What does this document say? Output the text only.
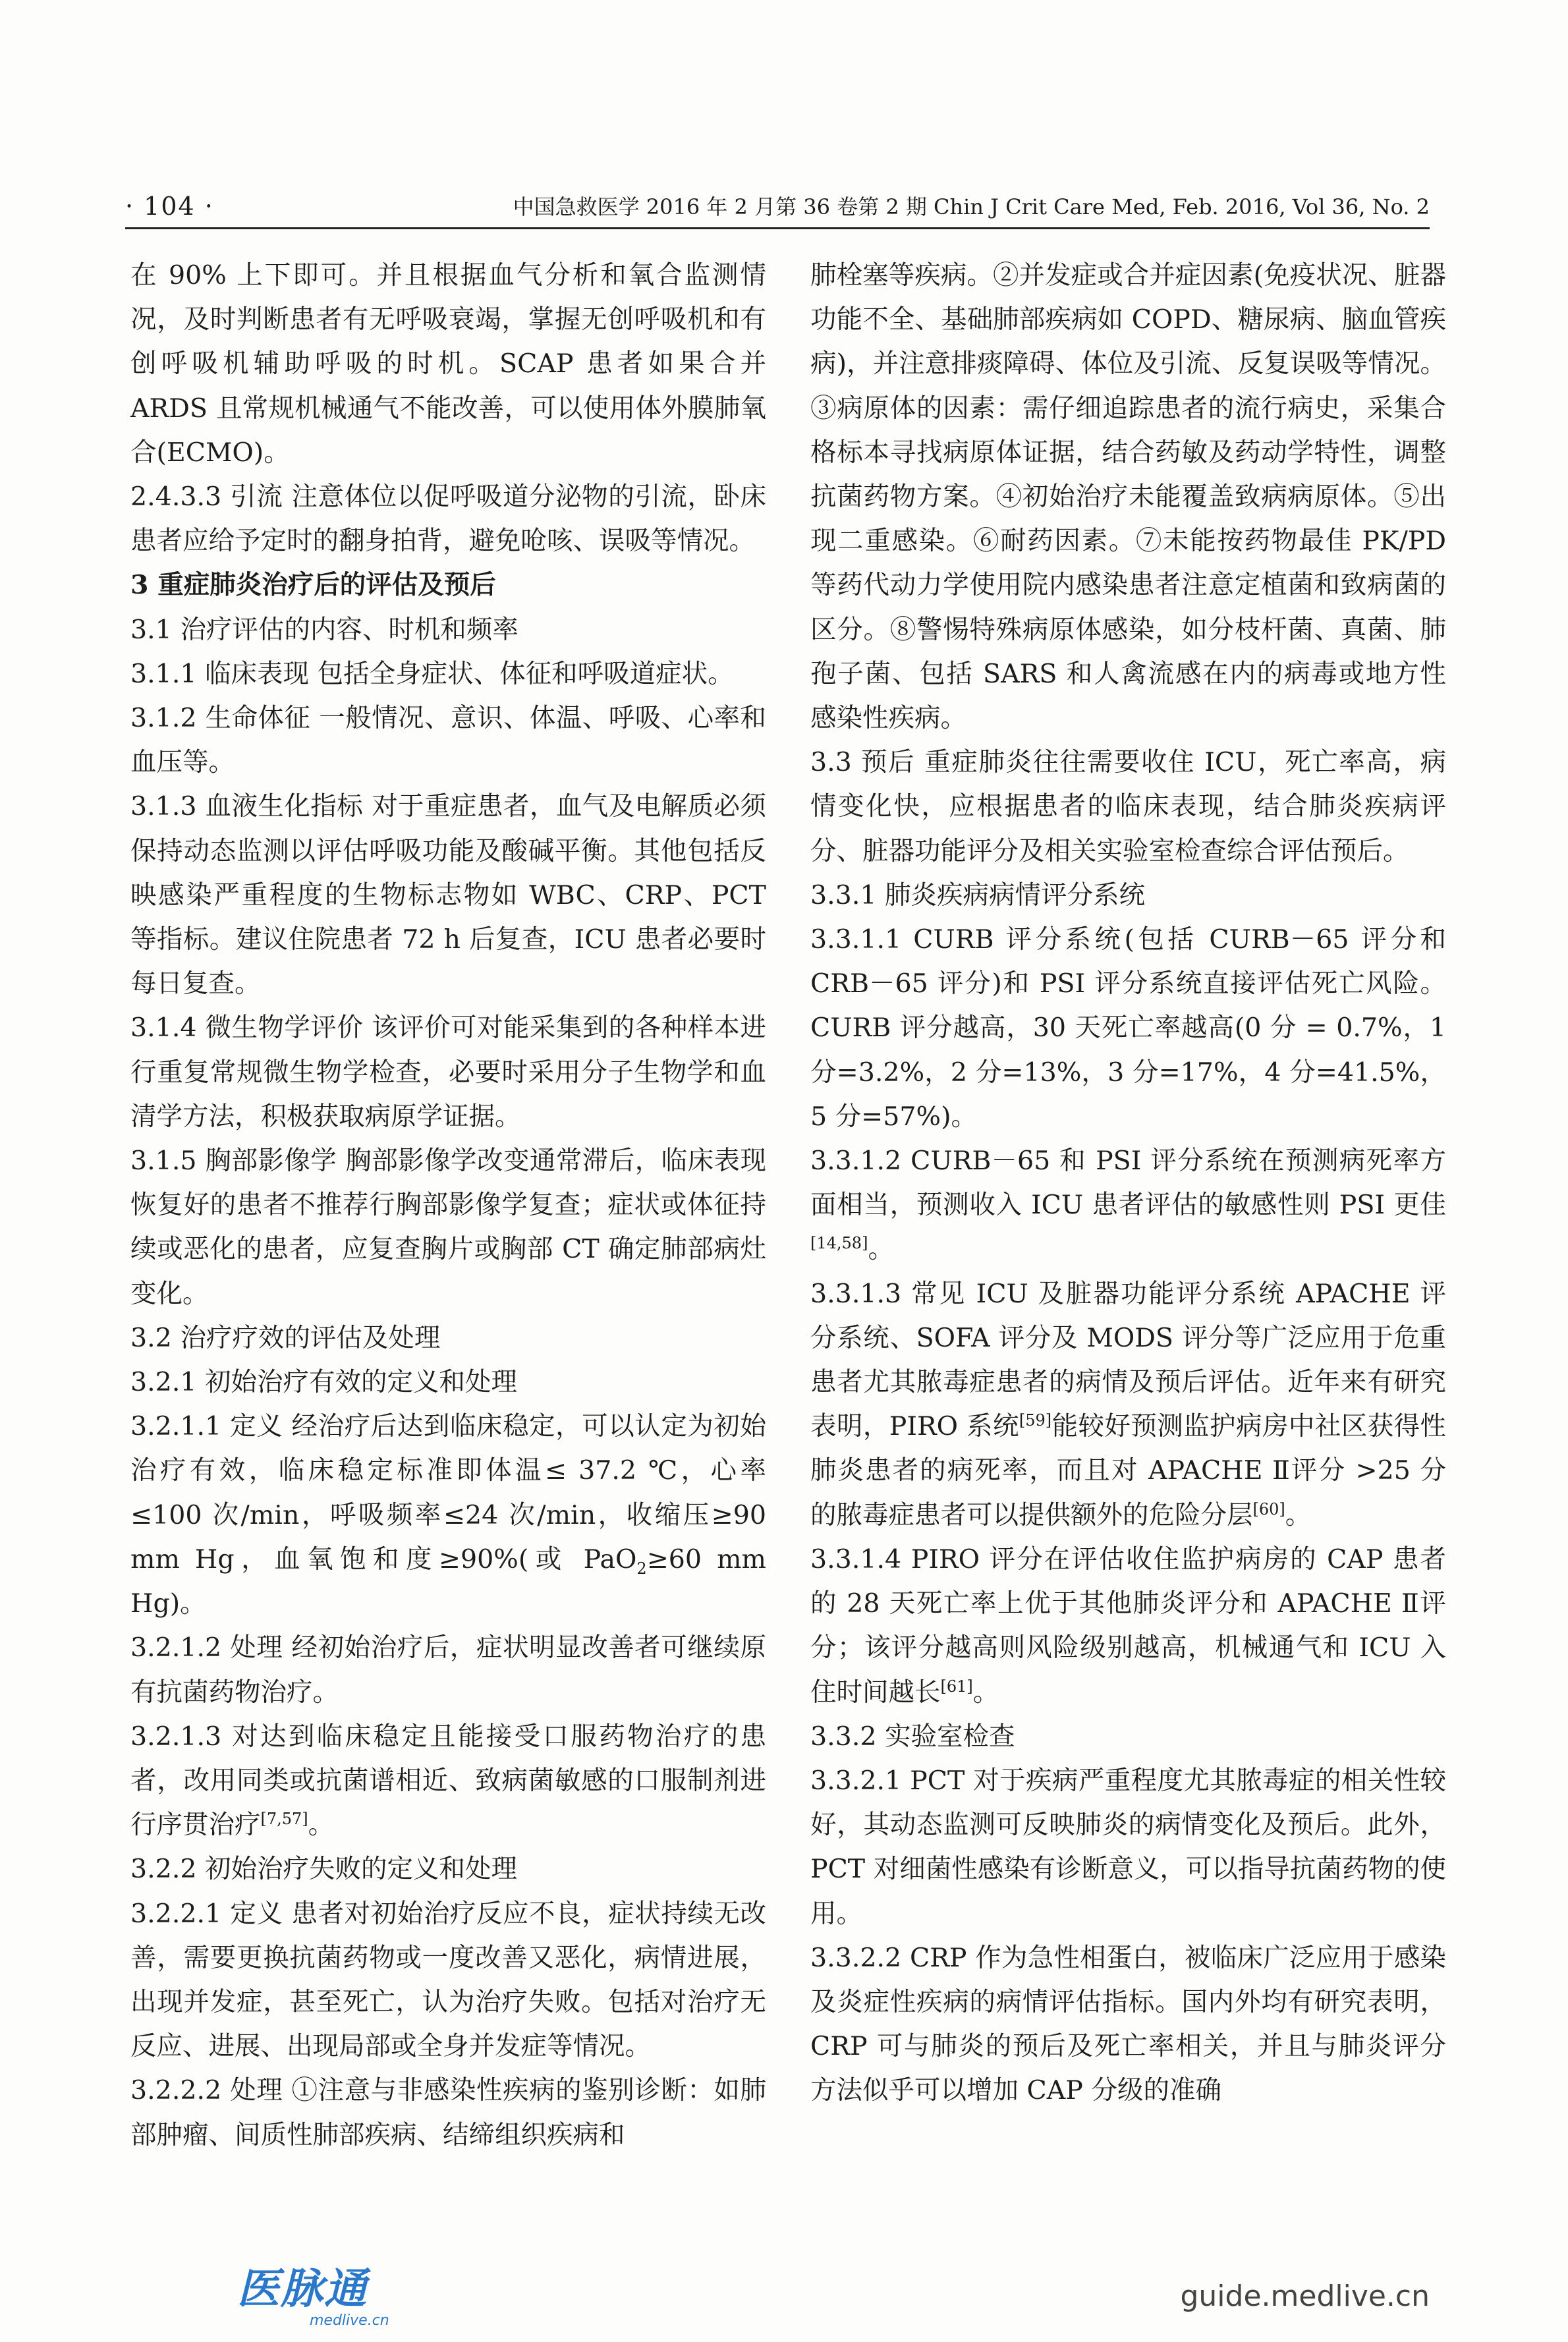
· 104 ·	中国急救医学 2016 年 2 月第 36 卷第 2 期 Chin J Crit Care Med, Feb. 2016, Vol 36, No. 2

在 90% 上下即可。并且根据血气分析和氧合监测情况，及时判断患者有无呼吸衰竭，掌握无创呼吸机和有创呼吸机辅助呼吸的时机。SCAP 患者如果合并 ARDS 且常规机械通气不能改善，可以使用体外膜肺氧合(ECMO)。

2.4.3.3 引流 注意体位以促呼吸道分泌物的引流，卧床患者应给予定时的翻身拍背，避免呛咳、误吸等情况。

3 重症肺炎治疗后的评估及预后

3.1 治疗评估的内容、时机和频率

3.1.1 临床表现 包括全身症状、体征和呼吸道症状。

3.1.2 生命体征 一般情况、意识、体温、呼吸、心率和血压等。

3.1.3 血液生化指标 对于重症患者，血气及电解质必须保持动态监测以评估呼吸功能及酸碱平衡。其他包括反映感染严重程度的生物标志物如 WBC、CRP、PCT 等指标。建议住院患者 72 h 后复查，ICU 患者必要时每日复查。

3.1.4 微生物学评价 该评价可对能采集到的各种样本进行重复常规微生物学检查，必要时采用分子生物学和血清学方法，积极获取病原学证据。

3.1.5 胸部影像学 胸部影像学改变通常滞后，临床表现恢复好的患者不推荐行胸部影像学复查；症状或体征持续或恶化的患者，应复查胸片或胸部 CT 确定肺部病灶变化。

3.2 治疗疗效的评估及处理

3.2.1 初始治疗有效的定义和处理

3.2.1.1 定义 经治疗后达到临床稳定，可以认定为初始治疗有效，临床稳定标准即体温≤ 37.2 ℃，心率≤100 次/min，呼吸频率≤24 次/min，收缩压≥90 mm Hg，血氧饱和度≥90%(或 PaO$_2$≥60 mm Hg)。

3.2.1.2 处理 经初始治疗后，症状明显改善者可继续原有抗菌药物治疗。

3.2.1.3 对达到临床稳定且能接受口服药物治疗的患者，改用同类或抗菌谱相近、致病菌敏感的口服制剂进行序贯治疗[7,57]。

3.2.2 初始治疗失败的定义和处理

3.2.2.1 定义 患者对初始治疗反应不良，症状持续无改善，需要更换抗菌药物或一度改善又恶化，病情进展，出现并发症，甚至死亡，认为治疗失败。包括对治疗无反应、进展、出现局部或全身并发症等情况。

3.2.2.2 处理 ①注意与非感染性疾病的鉴别诊断：如肺部肿瘤、间质性肺部疾病、结缔组织疾病和

肺栓塞等疾病。②并发症或合并症因素(免疫状况、脏器功能不全、基础肺部疾病如 COPD、糖尿病、脑血管疾病)，并注意排痰障碍、体位及引流、反复误吸等情况。③病原体的因素：需仔细追踪患者的流行病史，采集合格标本寻找病原体证据，结合药敏及药动学特性，调整抗菌药物方案。④初始治疗未能覆盖致病病原体。⑤出现二重感染。⑥耐药因素。⑦未能按药物最佳 PK/PD 等药代动力学使用院内感染患者注意定植菌和致病菌的区分。⑧警惕特殊病原体感染，如分枝杆菌、真菌、肺孢子菌、包括 SARS 和人禽流感在内的病毒或地方性感染性疾病。

3.3 预后 重症肺炎往往需要收住 ICU，死亡率高，病情变化快，应根据患者的临床表现，结合肺炎疾病评分、脏器功能评分及相关实验室检查综合评估预后。

3.3.1 肺炎疾病病情评分系统

3.3.1.1 CURB 评分系统(包括 CURB－65 评分和 CRB－65 评分)和 PSI 评分系统直接评估死亡风险。CURB 评分越高，30 天死亡率越高(0 分 = 0.7%，1 分=3.2%，2 分=13%，3 分=17%，4 分=41.5%，5 分=57%)。

3.3.1.2 CURB－65 和 PSI 评分系统在预测病死率方面相当，预测收入 ICU 患者评估的敏感性则 PSI 更佳[14,58]。

3.3.1.3 常见 ICU 及脏器功能评分系统 APACHE 评分系统、SOFA 评分及 MODS 评分等广泛应用于危重患者尤其脓毒症患者的病情及预后评估。近年来有研究表明，PIRO 系统[59]能较好预测监护病房中社区获得性肺炎患者的病死率，而且对 APACHE Ⅱ评分 >25 分的脓毒症患者可以提供额外的危险分层[60]。

3.3.1.4 PIRO 评分在评估收住监护病房的 CAP 患者的 28 天死亡率上优于其他肺炎评分和 APACHE Ⅱ评分；该评分越高则风险级别越高，机械通气和 ICU 入住时间越长[61]。

3.3.2 实验室检查

3.3.2.1 PCT 对于疾病严重程度尤其脓毒症的相关性较好，其动态监测可反映肺炎的病情变化及预后。此外，PCT 对细菌性感染有诊断意义，可以指导抗菌药物的使用。

3.3.2.2 CRP 作为急性相蛋白，被临床广泛应用于感染及炎症性疾病的病情评估指标。国内外均有研究表明，CRP 可与肺炎的预后及死亡率相关，并且与肺炎评分方法似乎可以增加 CAP 分级的准确

医脉通
medlive.cn
guide.medlive.cn
